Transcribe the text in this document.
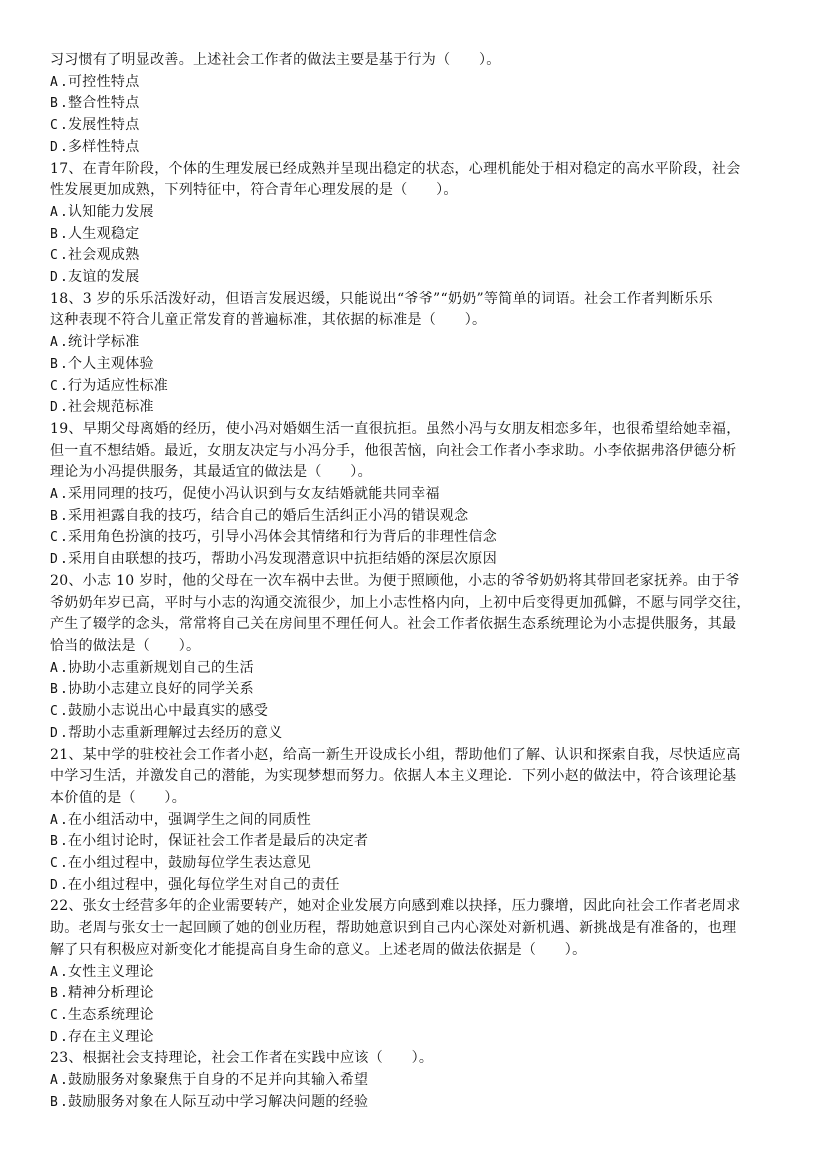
习习惯有了明显改善。上述社会工作者的做法主要是基于行为（　　）。
A .可控性特点
B .整合性特点
C .发展性特点
D .多样性特点
17、在青年阶段，个体的生理发展已经成熟并呈现出稳定的状态，心理机能处于相对稳定的高水平阶段，社会
性发展更加成熟，下列特征中，符合青年心理发展的是（　　）。
A .认知能力发展
B .人生观稳定
C .社会观成熟
D .友谊的发展
18、3 岁的乐乐活泼好动，但语言发展迟缓，只能说出“爷爷”“奶奶”等简单的词语。社会工作者判断乐乐
这种表现不符合儿童正常发育的普遍标准，其依据的标准是（　　）。
A .统计学标准
B .个人主观体验
C .行为适应性标准
D .社会规范标准
19、早期父母离婚的经历，使小冯对婚姻生活一直很抗拒。虽然小冯与女朋友相恋多年，也很希望给她幸福，
但一直不想结婚。最近，女朋友决定与小冯分手，他很苦恼，向社会工作者小李求助。小李依据弗洛伊德分析
理论为小冯提供服务，其最适宜的做法是（　　）。
A .采用同理的技巧，促使小冯认识到与女友结婚就能共同幸福
B .采用袒露自我的技巧，结合自己的婚后生活纠正小冯的错误观念
C .采用角色扮演的技巧，引导小冯体会其情绪和行为背后的非理性信念
D .采用自由联想的技巧，帮助小冯发现潜意识中抗拒结婚的深层次原因
20、小志 10 岁时，他的父母在一次车祸中去世。为便于照顾他，小志的爷爷奶奶将其带回老家抚养。由于爷
爷奶奶年岁已高，平时与小志的沟通交流很少，加上小志性格内向，上初中后变得更加孤僻，不愿与同学交往，
产生了辍学的念头，常常将自己关在房间里不理任何人。社会工作者依据生态系统理论为小志提供服务，其最
恰当的做法是（　　）。
A .协助小志重新规划自己的生活
B .协助小志建立良好的同学关系
C .鼓励小志说出心中最真实的感受
D .帮助小志重新理解过去经历的意义
21、某中学的驻校社会工作者小赵，给高一新生开设成长小组，帮助他们了解、认识和探索自我，尽快适应高
中学习生活，并激发自己的潜能，为实现梦想而努力。依据人本主义理论．下列小赵的做法中，符合该理论基
本价值的是（　　）。
A .在小组活动中，强调学生之间的同质性
B .在小组讨论时，保证社会工作者是最后的决定者
C .在小组过程中，鼓励每位学生表达意见
D .在小组过程中，强化每位学生对自己的责任
22、张女士经营多年的企业需要转产，她对企业发展方向感到难以抉择，压力骤增，因此向社会工作者老周求
助。老周与张女士一起回顾了她的创业历程，帮助她意识到自己内心深处对新机遇、新挑战是有准备的，也理
解了只有积极应对新变化才能提高自身生命的意义。上述老周的做法依据是（　　）。
A .女性主义理论
B .精神分析理论
C .生态系统理论
D .存在主义理论
23、根据社会支持理论，社会工作者在实践中应该（　　）。
A .鼓励服务对象聚焦于自身的不足并向其输入希望
B .鼓励服务对象在人际互动中学习解决问题的经验
